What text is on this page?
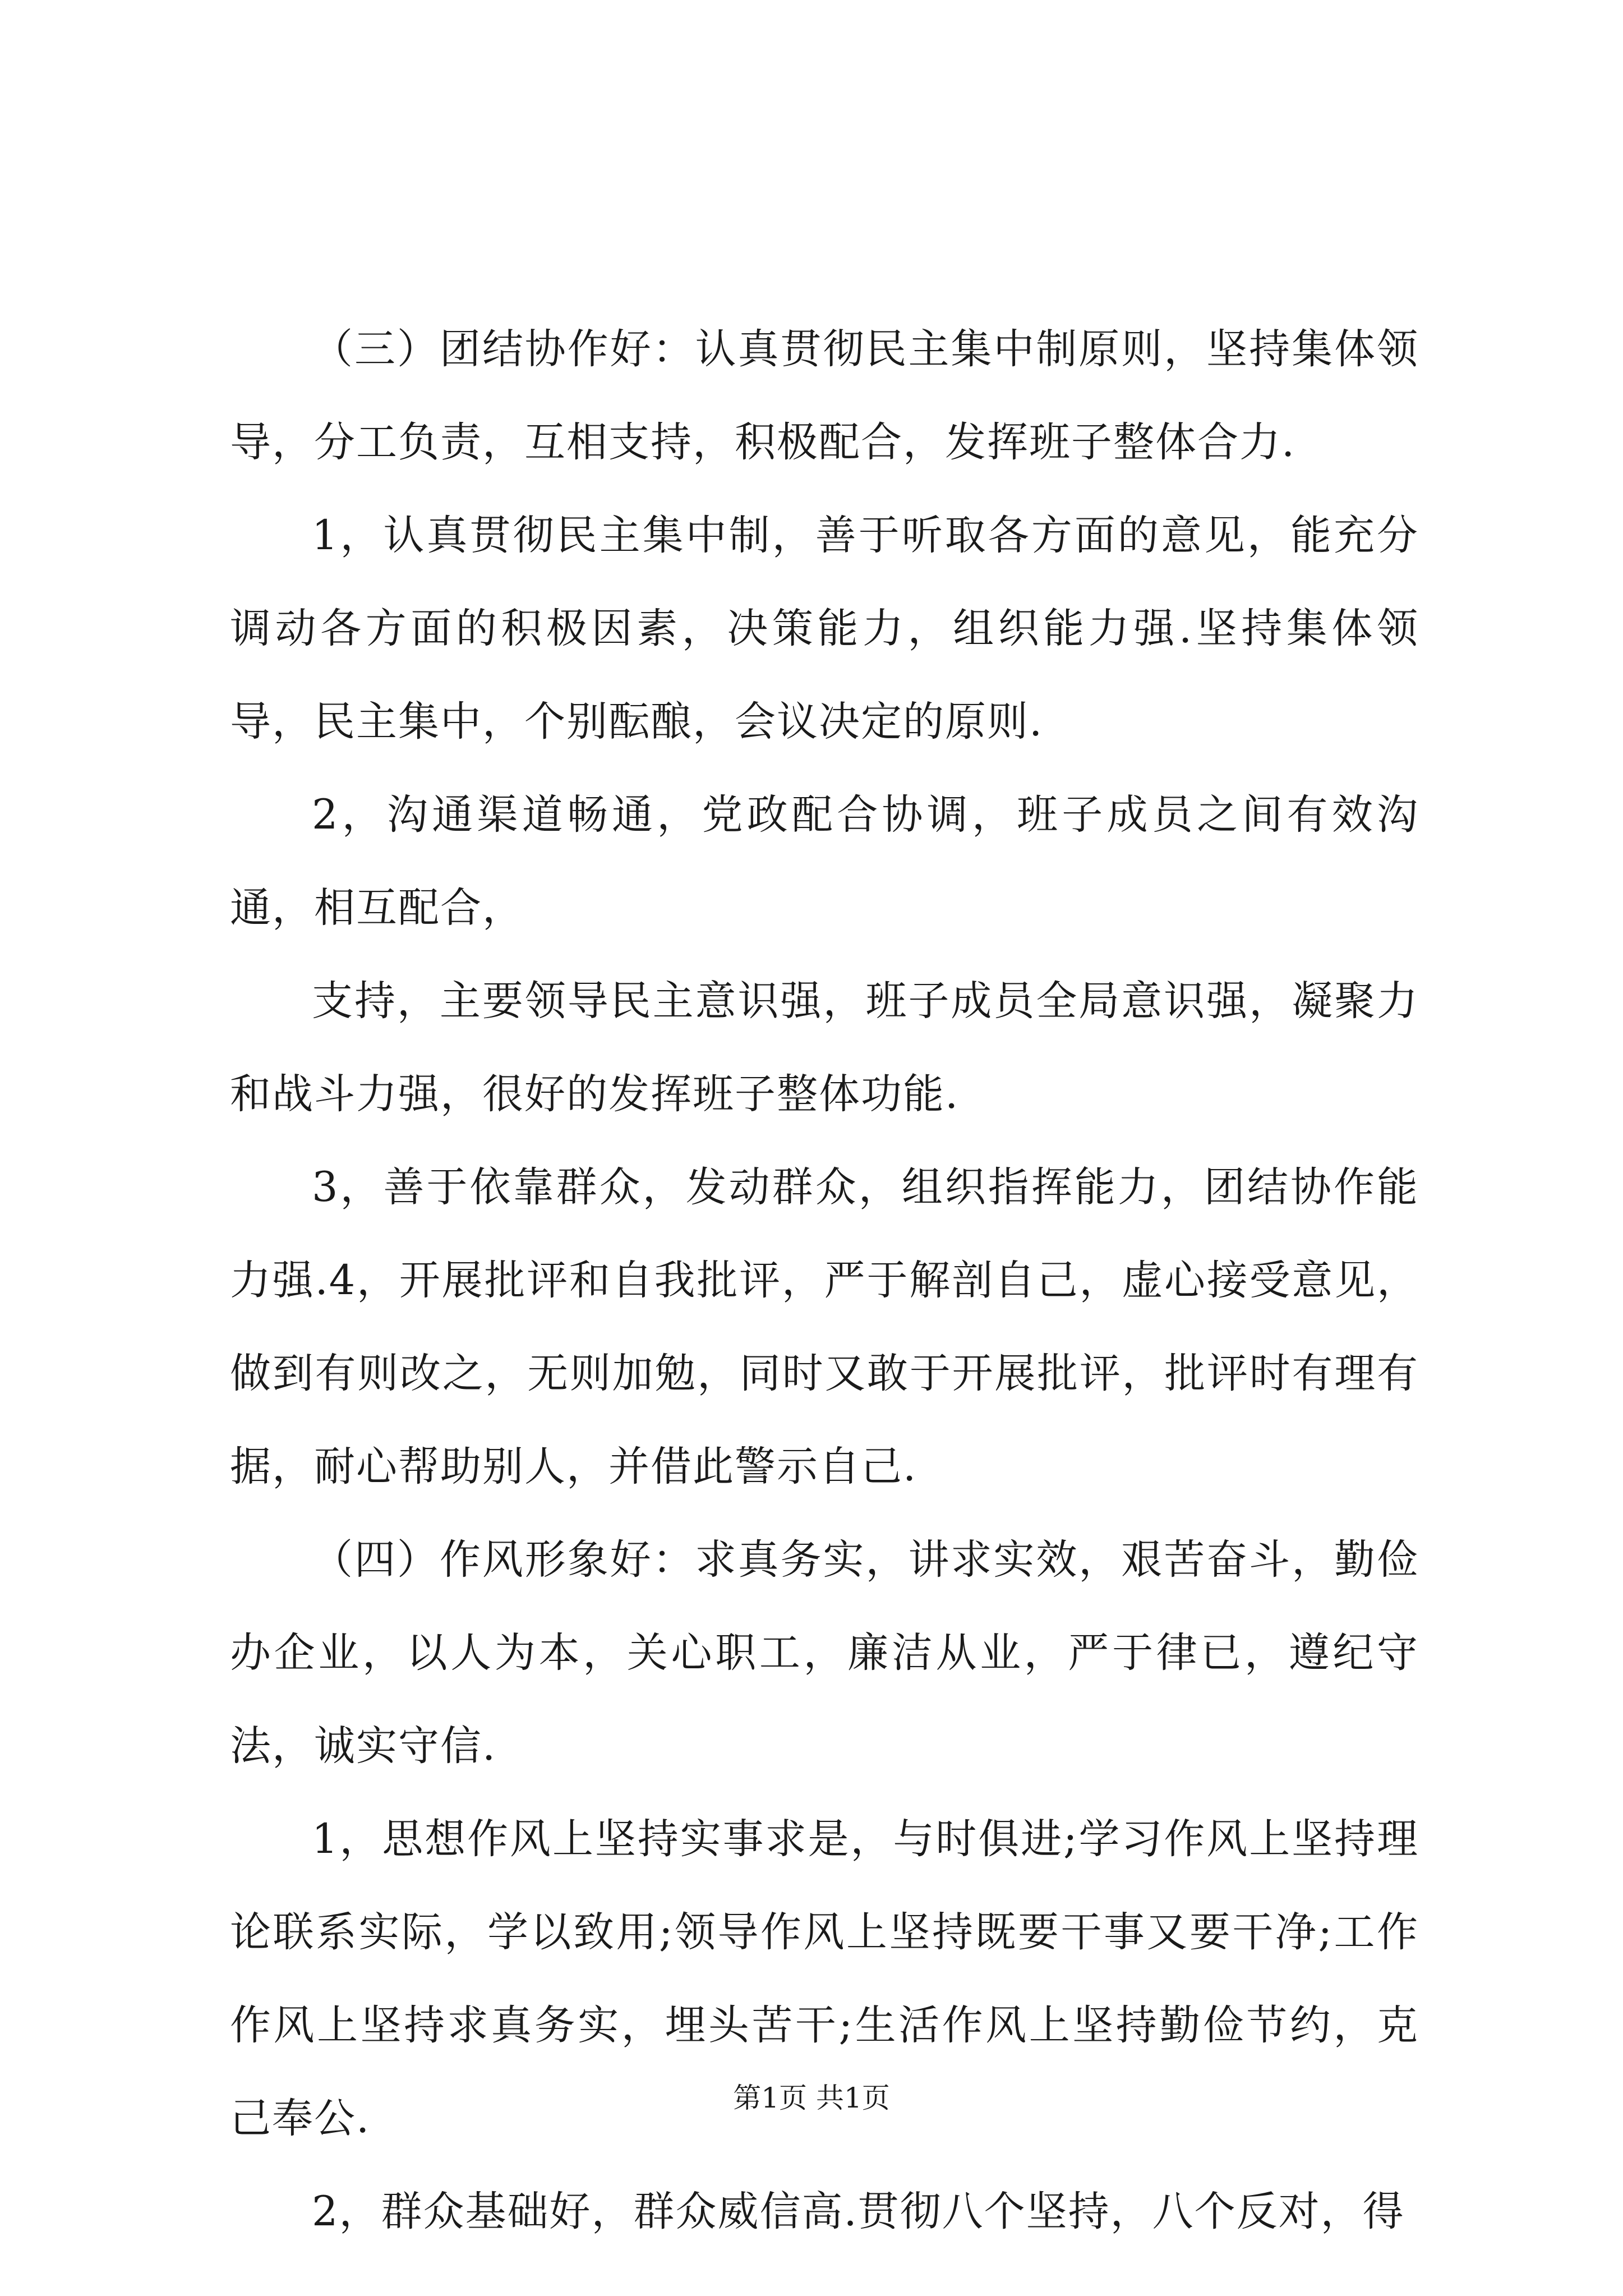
（三）团结协作好：认真贯彻民主集中制原则，坚持集体领导，分工负责，互相支持，积极配合，发挥班子整体合力.

1，认真贯彻民主集中制，善于听取各方面的意见，能充分调动各方面的积极因素，决策能力，组织能力强.坚持集体领导，民主集中，个别酝酿，会议决定的原则.

2，沟通渠道畅通，党政配合协调，班子成员之间有效沟通，相互配合，

支持，主要领导民主意识强，班子成员全局意识强，凝聚力和战斗力强，很好的发挥班子整体功能.

3，善于依靠群众，发动群众，组织指挥能力，团结协作能力强.4，开展批评和自我批评，严于解剖自己，虚心接受意见，做到有则改之，无则加勉，同时又敢于开展批评，批评时有理有据，耐心帮助别人，并借此警示自己.

（四）作风形象好：求真务实，讲求实效，艰苦奋斗，勤俭办企业，以人为本，关心职工，廉洁从业，严于律已，遵纪守法，诚实守信.

1，思想作风上坚持实事求是，与时俱进;学习作风上坚持理论联系实际，学以致用;领导作风上坚持既要干事又要干净;工作作风上坚持求真务实，埋头苦干;生活作风上坚持勤俭节约，克己奉公.

2，群众基础好，群众威信高.贯彻八个坚持，八个反对，得

第1页 共1页
